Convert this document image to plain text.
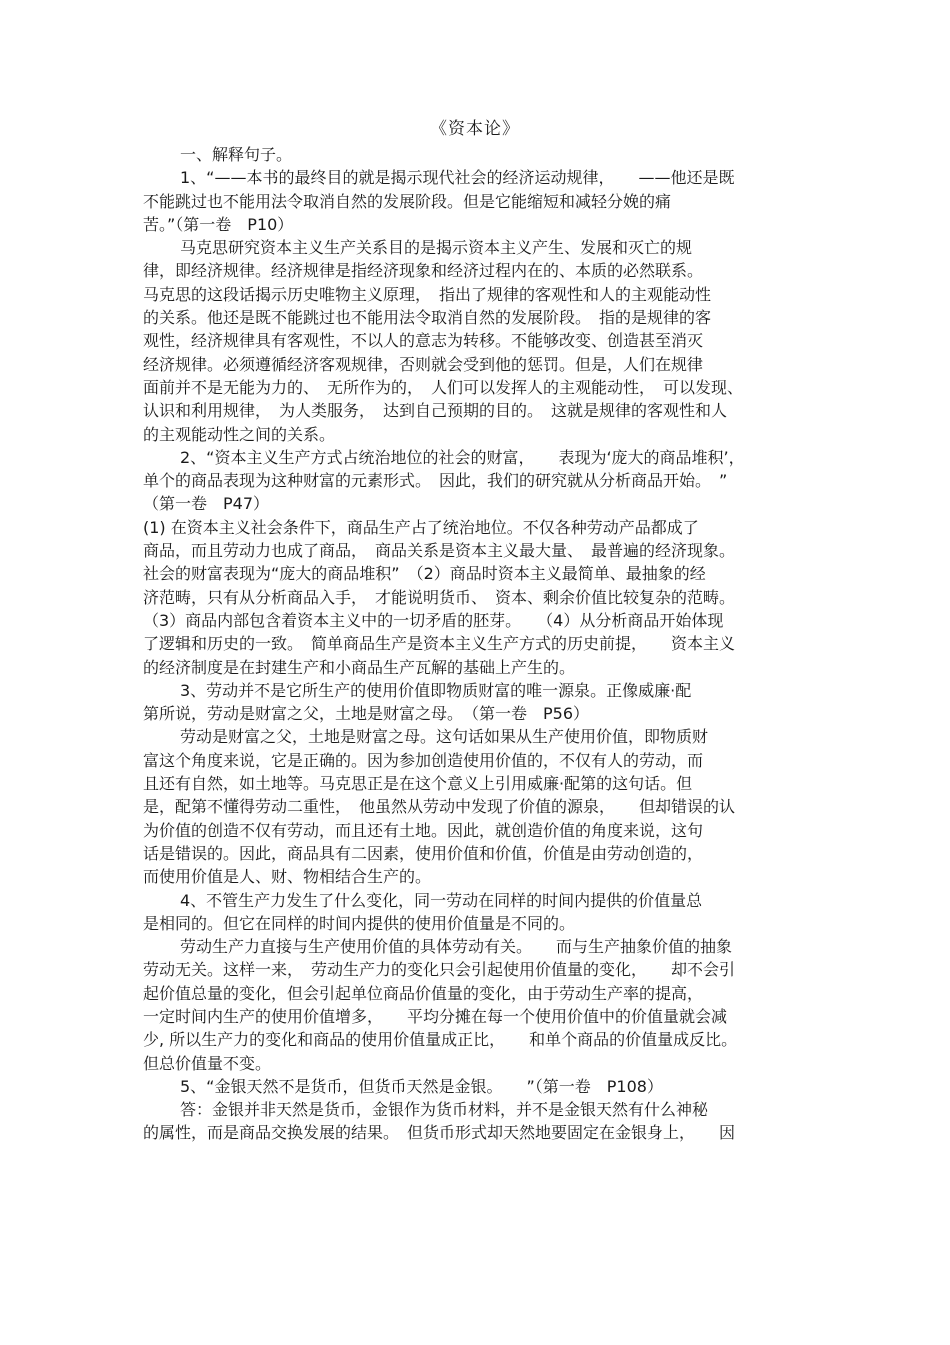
《资本论》
一、解释句子。
1、“——本书的最终目的就是揭示现代社会的经济运动规律，　　——他还是既
不能跳过也不能用法令取消自然的发展阶段。但是它能缩短和减轻分娩的痛
苦。”（第一卷　P10）
马克思研究资本主义生产关系目的是揭示资本主义产生、发展和灭亡的规
律，即经济规律。经济规律是指经济现象和经济过程内在的、本质的必然联系。
马克思的这段话揭示历史唯物主义原理，　指出了规律的客观性和人的主观能动性
的关系。他还是既不能跳过也不能用法令取消自然的发展阶段。　指的是规律的客
观性，经济规律具有客观性，不以人的意志为转移。不能够改变、创造甚至消灭
经济规律。必须遵循经济客观规律，否则就会受到他的惩罚。但是，人们在规律
面前并不是无能为力的、　无所作为的，　人们可以发挥人的主观能动性，　可以发现、
认识和利用规律，　为人类服务，　达到自己预期的目的。　这就是规律的客观性和人
的主观能动性之间的关系。
2、“资本主义生产方式占统治地位的社会的财富，　　表现为‘庞大的商品堆积’，
单个的商品表现为这种财富的元素形式。　因此，我们的研究就从分析商品开始。　”
（第一卷　P47）
(1) 在资本主义社会条件下，商品生产占了统治地位。不仅各种劳动产品都成了
商品，而且劳动力也成了商品，　商品关系是资本主义最大量、　最普遍的经济现象。
社会的财富表现为“庞大的商品堆积”　（2）商品时资本主义最简单、最抽象的经
济范畴，只有从分析商品入手，　才能说明货币、　资本、剩余价值比较复杂的范畴。
（3）商品内部包含着资本主义中的一切矛盾的胚芽。　　（4）从分析商品开始体现
了逻辑和历史的一致。　简单商品生产是资本主义生产方式的历史前提，　　资本主义
的经济制度是在封建生产和小商品生产瓦解的基础上产生的。
3、劳动并不是它所生产的使用价值即物质财富的唯一源泉。正像威廉·配
第所说，劳动是财富之父，土地是财富之母。　（第一卷　P56）
劳动是财富之父，土地是财富之母。这句话如果从生产使用价值，即物质财
富这个角度来说，它是正确的。因为参加创造使用价值的，不仅有人的劳动，而
且还有自然，如土地等。马克思正是在这个意义上引用威廉·配第的这句话。但
是，配第不懂得劳动二重性，　他虽然从劳动中发现了价值的源泉，　　但却错误的认
为价值的创造不仅有劳动，而且还有土地。因此，就创造价值的角度来说，这句
话是错误的。因此，商品具有二因素，使用价值和价值，价值是由劳动创造的，
而使用价值是人、财、物相结合生产的。
4、不管生产力发生了什么变化，同一劳动在同样的时间内提供的价值量总
是相同的。但它在同样的时间内提供的使用价值量是不同的。
劳动生产力直接与生产使用价值的具体劳动有关。　　而与生产抽象价值的抽象
劳动无关。这样一来，　劳动生产力的变化只会引起使用价值量的变化，　　却不会引
起价值总量的变化，但会引起单位商品价值量的变化，由于劳动生产率的提高，
一定时间内生产的使用价值增多，　　平均分摊在每一个使用价值中的价值量就会减
少, 所以生产力的变化和商品的使用价值量成正比，　　和单个商品的价值量成反比。
但总价值量不变。
5、“金银天然不是货币，但货币天然是金银。　　”（第一卷　P108）
答：金银并非天然是货币，金银作为货币材料，并不是金银天然有什么神秘
的属性，而是商品交换发展的结果。　但货币形式却天然地要固定在金银身上，　　因
